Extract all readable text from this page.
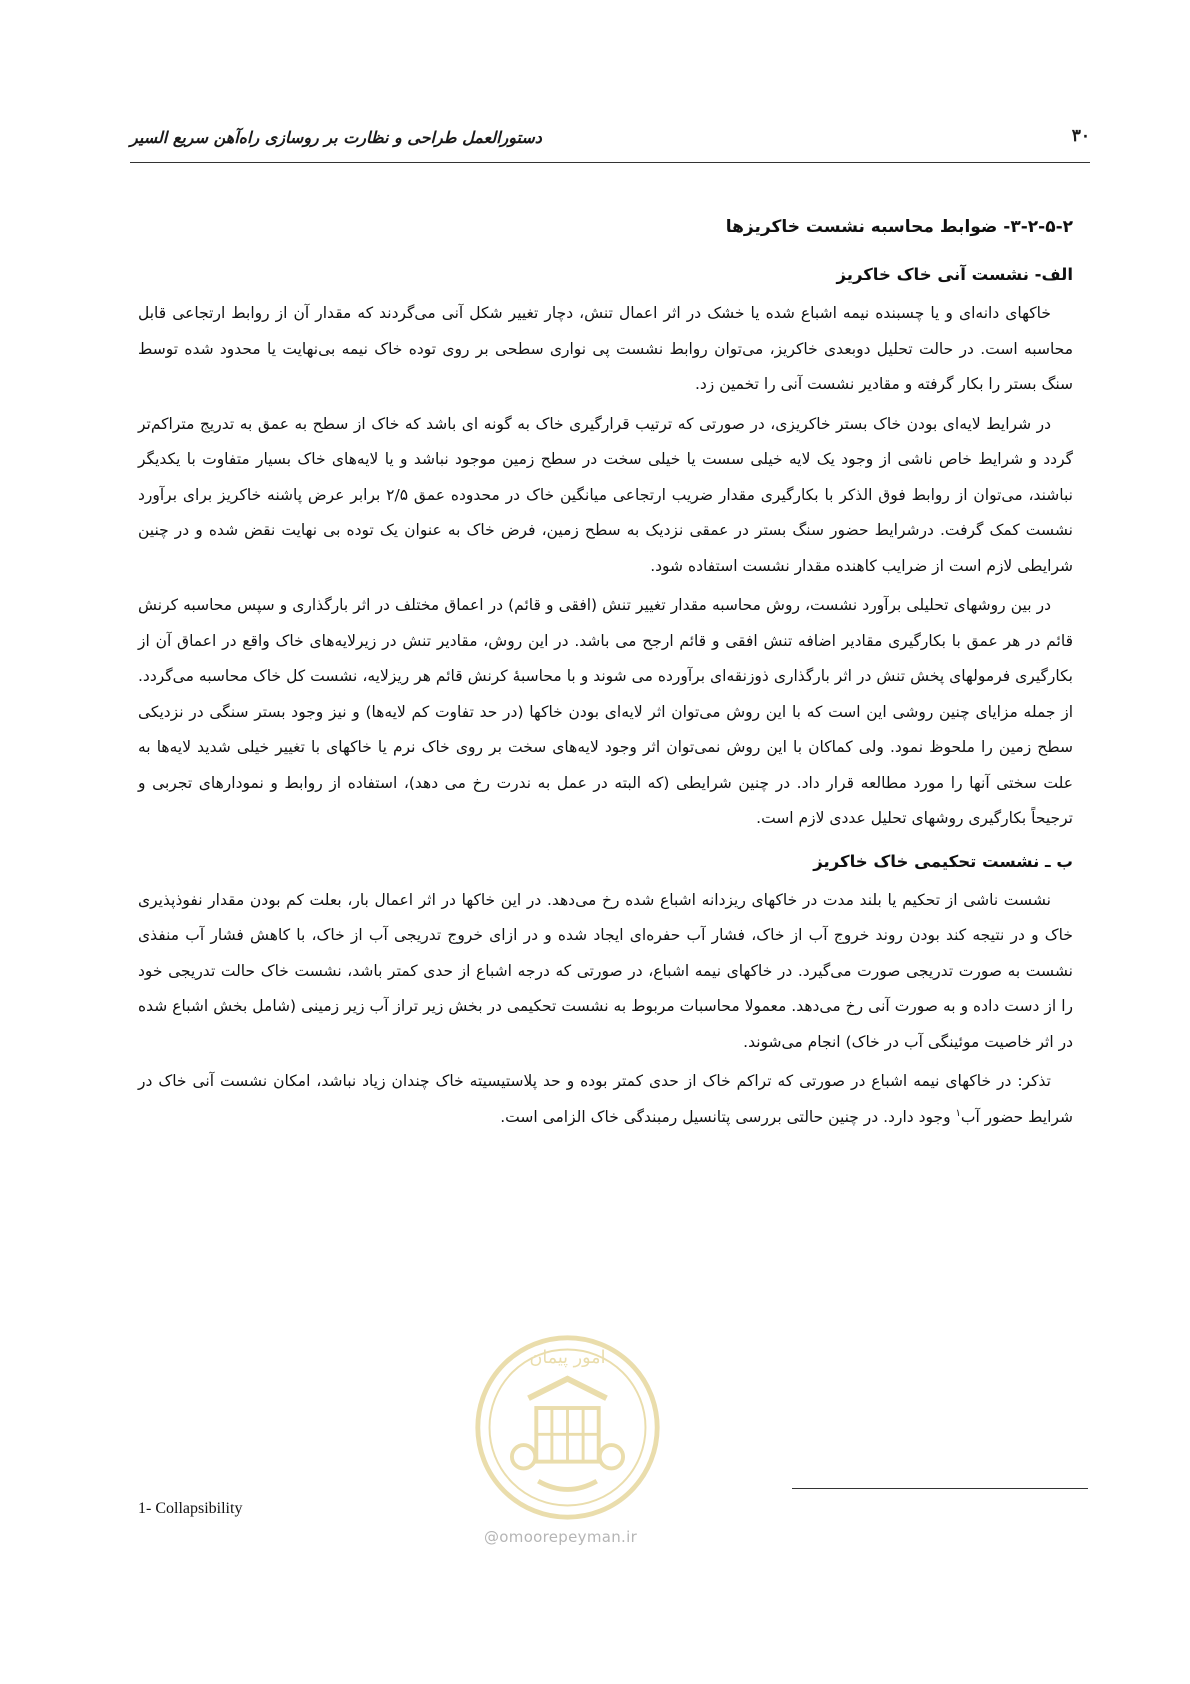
۳۰
دستورالعمل طراحی و نظارت بر روسازی راه‌آهن سریع السیر
۳-۲-۵-۲- ضوابط محاسبه نشست خاکریزها
الف- نشست آنی خاک خاکریز

خاکهای دانه‌ای و یا چسبنده نیمه اشباع شده یا خشک در اثر اعمال تنش، دچار تغییر شکل آنی می‌گردند که مقدار آن از روابط ارتجاعی قابل محاسبه است. در حالت تحلیل دوبعدی خاکریز، می‌توان روابط نشست پی نواری سطحی بر روی توده خاک نیمه بی‌نهایت یا محدود شده توسط سنگ بستر را بکار گرفته و مقادیر نشست آنی را تخمین زد.

در شرایط لایه‌ای بودن خاک بستر خاکریزی، در صورتی که ترتیب قرارگیری خاک به گونه ای باشد که خاک از سطح به عمق به تدریج متراکم‌تر گردد و شرایط خاص ناشی از وجود یک لایه خیلی سست یا خیلی سخت در سطح زمین موجود نباشد و یا لایه‌های خاک بسیار متفاوت با یکدیگر نباشند، می‌توان از روابط فوق الذکر با بکارگیری مقدار ضریب ارتجاعی میانگین خاک در محدوده عمق ۲/۵ برابر عرض پاشنه خاکریز برای برآورد نشست کمک گرفت. درشرایط حضور سنگ بستر در عمقی نزدیک به سطح زمین، فرض خاک به عنوان یک توده بی نهایت نقض شده و در چنین شرایطی لازم است از ضرایب کاهنده مقدار نشست استفاده شود.

در بین روشهای تحلیلی برآورد نشست، روش محاسبه مقدار تغییر تنش (افقی و قائم) در اعماق مختلف در اثر بارگذاری و سپس محاسبه کرنش قائم در هر عمق با بکارگیری مقادیر اضافه تنش افقی و قائم ارجح می باشد. در این روش، مقادیر تنش در زیرلایه‌های خاک واقع در اعماق آن از بکارگیری فرمولهای پخش تنش در اثر بارگذاری ذوزنقه‌ای برآورده می شوند و با محاسبهٔ کرنش قائم هر ریزلایه، نشست کل خاک محاسبه می‌گردد. از جمله مزایای چنین روشی این است که با این روش می‌توان اثر لایه‌ای بودن خاکها (در حد تفاوت کم لایه‌ها) و نیز وجود بستر سنگی در نزدیکی سطح زمین را ملحوظ نمود. ولی کماکان با این روش نمی‌توان اثر وجود لایه‌های سخت بر روی خاک نرم یا خاکهای با تغییر خیلی شدید لایه‌ها به علت سختی آنها را مورد مطالعه قرار داد. در چنین شرایطی (که البته در عمل به ندرت رخ می دهد)، استفاده از روابط و نمودارهای تجربی و ترجیحاً بکارگیری روشهای تحلیل عددی لازم است.

ب ـ نشست تحکیمی خاک خاکریز

نشست ناشی از تحکیم یا بلند مدت در خاکهای ریزدانه اشباع شده رخ می‌دهد. در این خاکها در اثر اعمال بار، بعلت کم بودن مقدار نفوذپذیری خاک و در نتیجه کند بودن روند خروج آب از خاک، فشار آب حفره‌ای ایجاد شده و در ازای خروج تدریجی آب از خاک، با کاهش فشار آب منفذی نشست به صورت تدریجی صورت می‌گیرد. در خاکهای نیمه اشباع، در صورتی که درجه اشباع از حدی کمتر باشد، نشست خاک حالت تدریجی خود را از دست داده و به صورت آنی رخ می‌دهد. معمولا محاسبات مربوط به نشست تحکیمی در بخش زیر تراز آب زیر زمینی (شامل بخش اشباع شده در اثر خاصیت موئینگی آب در خاک) انجام می‌شوند.

تذکر: در خاکهای نیمه اشباع در صورتی که تراکم خاک از حدی کمتر بوده و حد پلاستیسیته خاک چندان زیاد نباشد، امکان نشست آنی خاک در شرایط حضور آب$^۱$ وجود دارد. در چنین حالتی بررسی پتانسیل رمبندگی خاک الزامی است.

1- Collapsibility
امور پیمان
@omoorepeyman.ir
